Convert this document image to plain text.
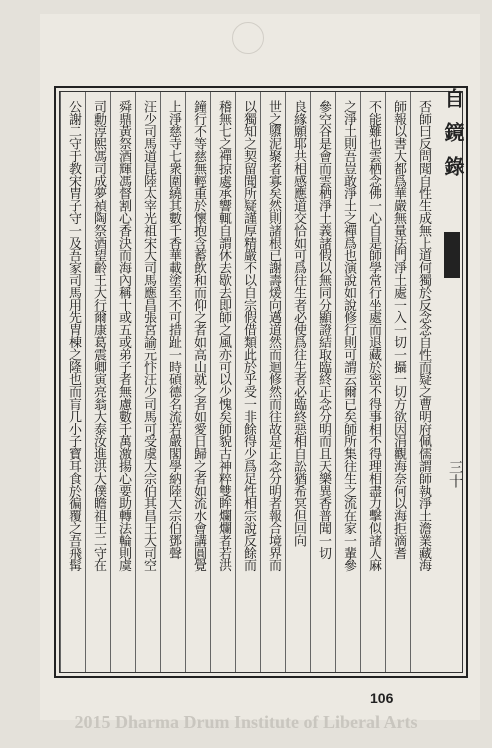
自鏡錄
三十
否師曰反問聞自性生成無上道何獨於反念念自性而疑之曹明府佩儒謂師執淨土澹業藏海
師報以書大都爲華嚴無量法門淨土處一入一切一攝一切方欲因涓觀海奈何以海拒滴耆
不能難也雲栖念佛一心自是師學常行坐處而退藏於密不得事相不得理相盡力擊似諸人麻
之淨土則吾豈敢淨土之禪爲也演說如說修行則可謂云爾已矣師所集往生之流在家一輩參
參空谷是會而雲栖淨土義諸假以無同分顯證結取臨終正念分明而且天樂異香普聞一切
良緣願耶共相感應道交恰如可爲往生者必使爲往生者必臨終惡相自訟猶希冥但回向
世之隳泥聚者寡矣然則諸根已謝壽煖向邁道然而迴修然而往故是正念分明者報合境界而
以獨知之契留聞所疑謹厚精嚴不以自宗假借類此於乎受一非餘得少爲足性相宗說反餘而
稽無七之禪掠處承響輒自謂休去歇去即師之風亦可以少愧矣師貌古神粹雙眸爛爛者若洪
鐘行不等慈無輕重於懷抱含蓄飲和而仰之者如高山就之者如愛日歸之者如流水會講圓覺
上淨慈寺七衆圍繞其數千香華載塗至不可措趾一時碩德名流若嚴閣學納陸大宗伯鄧聲
汪少司馬道昆陸太宰光祖宋大司馬應昌張宮諭元忭汪少司馬可受虞大宗伯其昌王大司空
舜鼎黃祭酒輝馮督割心香決而海內稱十或五或弟子者無慮數千萬激揚心要助轉法輪則虞
司勳淳熙馮司成夢禎陶祭酒望齡王大行爾康葛震卿寅亮翁大泰汝進洪大僕瞻祖王二守在
公謝二守于教宋胄子守一及吾家司馬用先胄棟之隆也而肓几小子寶耳食於徧覆之吾飛髯
106
2015 Dharma Drum Institute of Liberal Arts
